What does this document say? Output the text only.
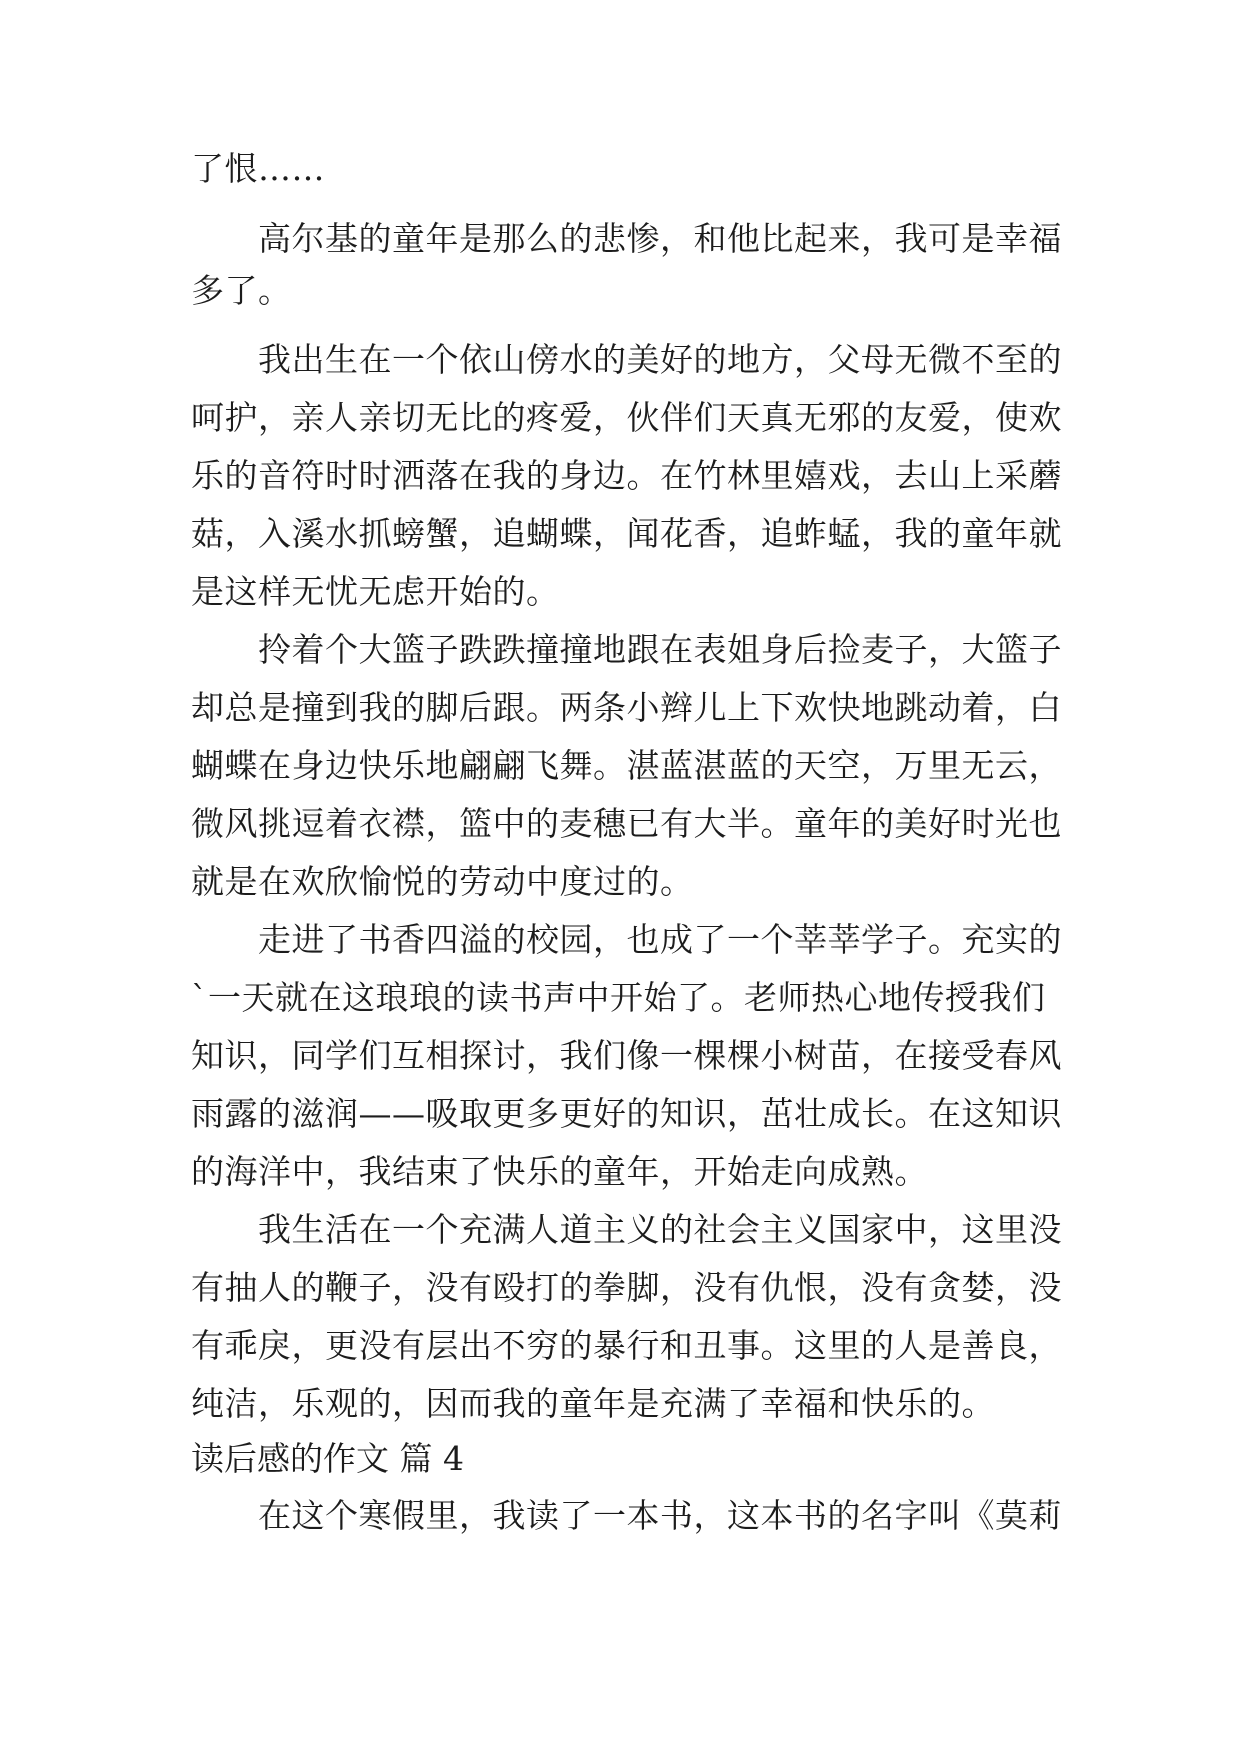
了恨……
　　高尔基的童年是那么的悲惨，和他比起来，我可是幸福
多了。
　　我出生在一个依山傍水的美好的地方，父母无微不至的
呵护，亲人亲切无比的疼爱，伙伴们天真无邪的友爱，使欢
乐的音符时时洒落在我的身边。在竹林里嬉戏，去山上采蘑
菇，入溪水抓螃蟹，追蝴蝶，闻花香，追蚱蜢，我的童年就
是这样无忧无虑开始的。
　　拎着个大篮子跌跌撞撞地跟在表姐身后捡麦子，大篮子
却总是撞到我的脚后跟。两条小辫儿上下欢快地跳动着，白
蝴蝶在身边快乐地翩翩飞舞。湛蓝湛蓝的天空，万里无云，
微风挑逗着衣襟，篮中的麦穗已有大半。童年的美好时光也
就是在欢欣愉悦的劳动中度过的。
　　走进了书香四溢的校园，也成了一个莘莘学子。充实的
`一天就在这琅琅的读书声中开始了。老师热心地传授我们
知识，同学们互相探讨，我们像一棵棵小树苗，在接受春风
雨露的滋润——吸取更多更好的知识，茁壮成长。在这知识
的海洋中，我结束了快乐的童年，开始走向成熟。
　　我生活在一个充满人道主义的社会主义国家中，这里没
有抽人的鞭子，没有殴打的拳脚，没有仇恨，没有贪婪，没
有乖戾，更没有层出不穷的暴行和丑事。这里的人是善良，
纯洁，乐观的，因而我的童年是充满了幸福和快乐的。
读后感的作文 篇 4
　　在这个寒假里，我读了一本书，这本书的名字叫《莫莉
